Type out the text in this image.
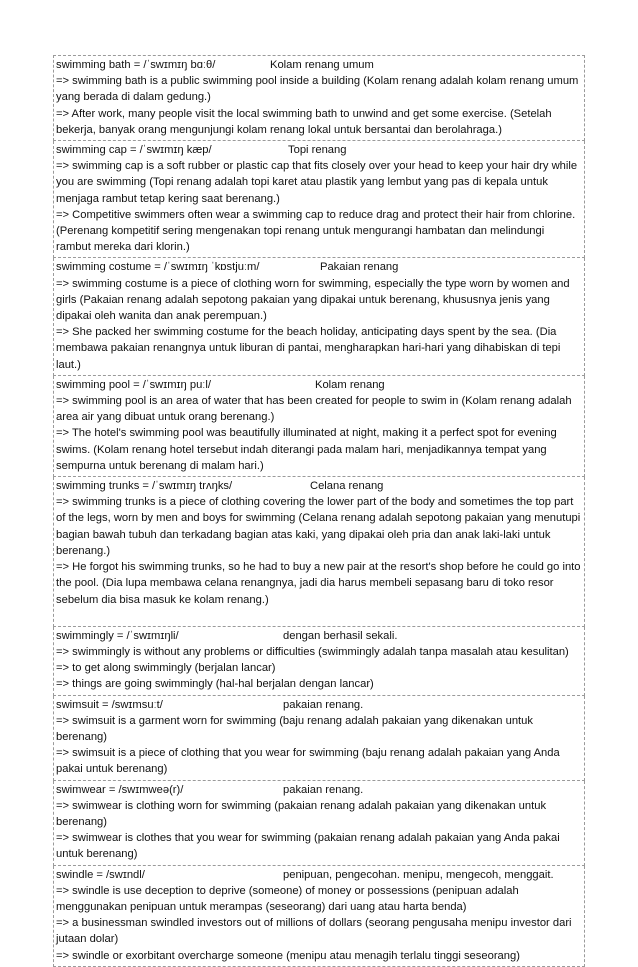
swimming bath = /ˈswɪmɪŋ bɑːθ/	Kolam renang umum
=> swimming bath is a public swimming pool inside a building (Kolam renang adalah kolam renang umum yang berada di dalam gedung.)
=> After work, many people visit the local swimming bath to unwind and get some exercise. (Setelah bekerja, banyak orang mengunjungi kolam renang lokal untuk bersantai dan berolahraga.)
swimming cap = /ˈswɪmɪŋ kæp/	Topi renang
=> swimming cap is a soft rubber or plastic cap that fits closely over your head to keep your hair dry while you are swimming (Topi renang adalah topi karet atau plastik yang lembut yang pas di kepala untuk menjaga rambut tetap kering saat berenang.)
=> Competitive swimmers often wear a swimming cap to reduce drag and protect their hair from chlorine. (Perenang kompetitif sering mengenakan topi renang untuk mengurangi hambatan dan melindungi rambut mereka dari klorin.)
swimming costume = /ˈswɪmɪŋ ˈkɒstjuːm/	Pakaian renang
=> swimming costume is a piece of clothing worn for swimming, especially the type worn by women and girls (Pakaian renang adalah sepotong pakaian yang dipakai untuk berenang, khususnya jenis yang dipakai oleh wanita dan anak perempuan.)
=> She packed her swimming costume for the beach holiday, anticipating days spent by the sea. (Dia membawa pakaian renangnya untuk liburan di pantai, mengharapkan hari-hari yang dihabiskan di tepi laut.)
swimming pool = /ˈswɪmɪŋ puːl/	Kolam renang
=> swimming pool is an area of water that has been created for people to swim in (Kolam renang adalah area air yang dibuat untuk orang berenang.)
=> The hotel's swimming pool was beautifully illuminated at night, making it a perfect spot for evening swims. (Kolam renang hotel tersebut indah diterangi pada malam hari, menjadikannya tempat yang sempurna untuk berenang di malam hari.)
swimming trunks = /ˈswɪmɪŋ trʌŋks/	Celana renang
=> swimming trunks is a piece of clothing covering the lower part of the body and sometimes the top part of the legs, worn by men and boys for swimming (Celana renang adalah sepotong pakaian yang menutupi bagian bawah tubuh dan terkadang bagian atas kaki, yang dipakai oleh pria dan anak laki-laki untuk berenang.)
=> He forgot his swimming trunks, so he had to buy a new pair at the resort's shop before he could go into the pool. (Dia lupa membawa celana renangnya, jadi dia harus membeli sepasang baru di toko resor sebelum dia bisa masuk ke kolam renang.)
swimmingly = /ˈswɪmɪŋli/	dengan berhasil sekali.
=> swimmingly is without any problems or difficulties (swimmingly adalah tanpa masalah atau kesulitan)
=> to get along swimmingly (berjalan lancar)
=> things are going swimmingly (hal-hal berjalan dengan lancar)
swimsuit = /swɪmsuːt/	pakaian renang.
=> swimsuit is a garment worn for swimming (baju renang adalah pakaian yang dikenakan untuk berenang)
=> swimsuit is a piece of clothing that you wear for swimming (baju renang adalah pakaian yang Anda pakai untuk berenang)
swimwear = /swɪmweə(r)/	pakaian renang.
=> swimwear is clothing worn for swimming (pakaian renang adalah pakaian yang dikenakan untuk berenang)
=> swimwear is clothes that you wear for swimming (pakaian renang adalah pakaian yang Anda pakai untuk berenang)
swindle = /swɪndl/	penipuan, pengecohan. menipu, mengecoh, menggait.
=> swindle is use deception to deprive (someone) of money or possessions (penipuan adalah menggunakan penipuan untuk merampas (seseorang) dari uang atau harta benda)
=> a businessman swindled investors out of millions of dollars (seorang pengusaha menipu investor dari jutaan dolar)
=> swindle or exorbitant overcharge someone (menipu atau menagih terlalu tinggi seseorang)
